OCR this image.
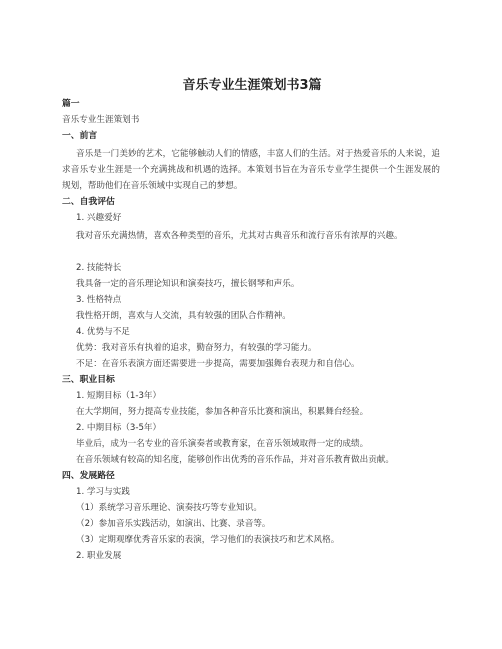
音乐专业生涯策划书3篇
篇一
音乐专业生涯策划书
一、前言
音乐是一门美妙的艺术，它能够触动人们的情感，丰富人们的生活。对于热爱音乐的人来说，追求音乐专业生涯是一个充满挑战和机遇的选择。本策划书旨在为音乐专业学生提供一个生涯发展的规划，帮助他们在音乐领域中实现自己的梦想。
二、自我评估
1. 兴趣爱好
我对音乐充满热情，喜欢各种类型的音乐，尤其对古典音乐和流行音乐有浓厚的兴趣。
2. 技能特长
我具备一定的音乐理论知识和演奏技巧，擅长钢琴和声乐。
3. 性格特点
我性格开朗，喜欢与人交流，具有较强的团队合作精神。
4. 优势与不足
优势：我对音乐有执着的追求，勤奋努力，有较强的学习能力。
不足：在音乐表演方面还需要进一步提高，需要加强舞台表现力和自信心。
三、职业目标
1. 短期目标（1-3年）
在大学期间，努力提高专业技能，参加各种音乐比赛和演出，积累舞台经验。
2. 中期目标（3-5年）
毕业后，成为一名专业的音乐演奏者或教育家，在音乐领域取得一定的成绩。
在音乐领域有较高的知名度，能够创作出优秀的音乐作品，并对音乐教育做出贡献。
四、发展路径
1. 学习与实践
（1）系统学习音乐理论、演奏技巧等专业知识。
（2）参加音乐实践活动，如演出、比赛、录音等。
（3）定期观摩优秀音乐家的表演，学习他们的表演技巧和艺术风格。
2. 职业发展
